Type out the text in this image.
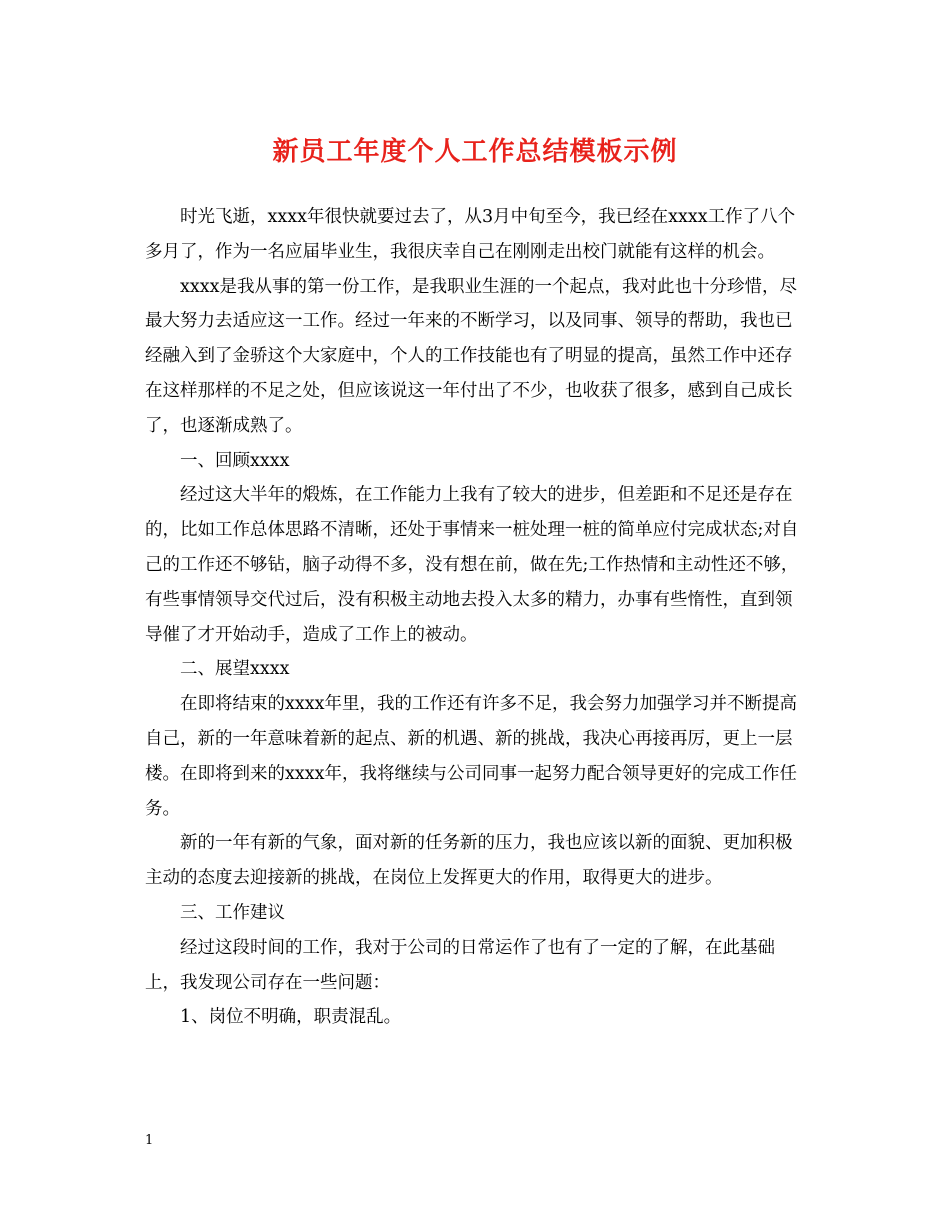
新员工年度个人工作总结模板示例

时光飞逝，xxxx年很快就要过去了，从3月中旬至今，我已经在xxxx工作了八个多月了，作为一名应届毕业生，我很庆幸自己在刚刚走出校门就能有这样的机会。

xxxx是我从事的第一份工作，是我职业生涯的一个起点，我对此也十分珍惜，尽最大努力去适应这一工作。经过一年来的不断学习，以及同事、领导的帮助，我也已经融入到了金骄这个大家庭中，个人的工作技能也有了明显的提高，虽然工作中还存在这样那样的不足之处，但应该说这一年付出了不少，也收获了很多，感到自己成长了，也逐渐成熟了。

一、回顾xxxx

经过这大半年的煅炼，在工作能力上我有了较大的进步，但差距和不足还是存在的，比如工作总体思路不清晰，还处于事情来一桩处理一桩的简单应付完成状态;对自己的工作还不够钻，脑子动得不多，没有想在前，做在先;工作热情和主动性还不够，有些事情领导交代过后，没有积极主动地去投入太多的精力，办事有些惰性，直到领导催了才开始动手，造成了工作上的被动。

二、展望xxxx

在即将结束的xxxx年里，我的工作还有许多不足，我会努力加强学习并不断提高自己，新的一年意味着新的起点、新的机遇、新的挑战，我决心再接再厉，更上一层楼。在即将到来的xxxx年，我将继续与公司同事一起努力配合领导更好的完成工作任务。

新的一年有新的气象，面对新的任务新的压力，我也应该以新的面貌、更加积极主动的态度去迎接新的挑战，在岗位上发挥更大的作用，取得更大的进步。

三、工作建议

经过这段时间的工作，我对于公司的日常运作了也有了一定的了解，在此基础上，我发现公司存在一些问题：

1、岗位不明确，职责混乱。

1
